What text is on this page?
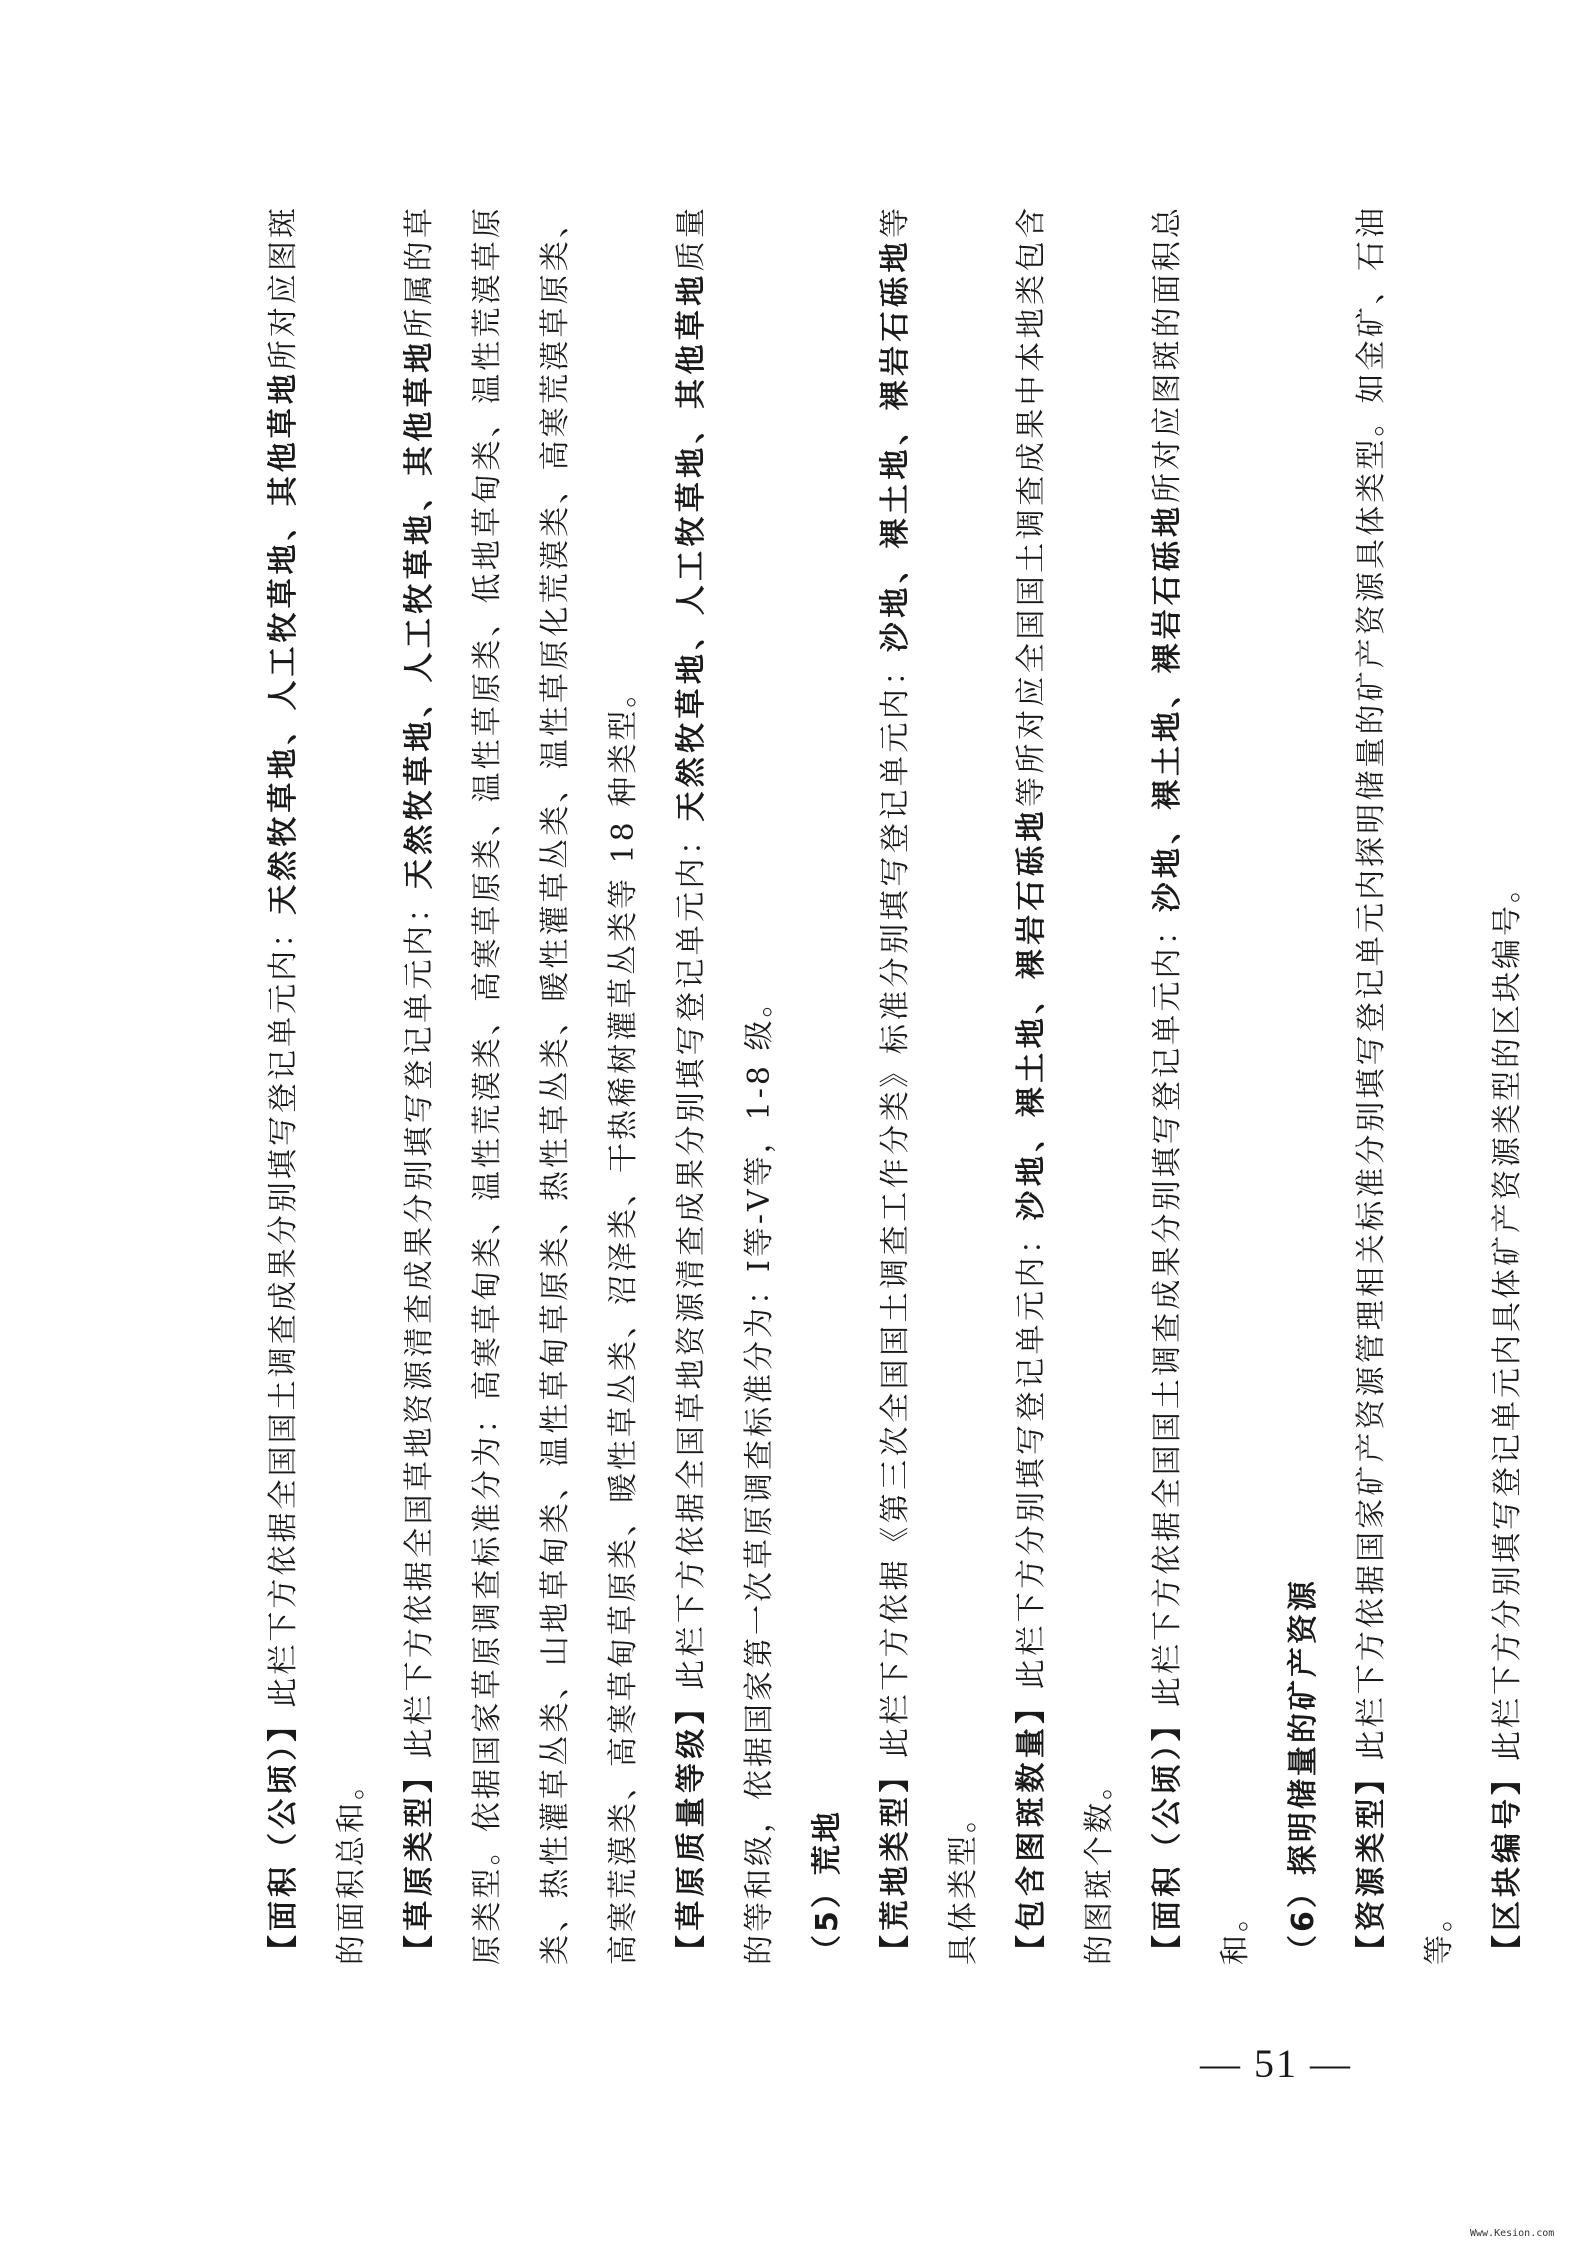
【面积（公顷）】此栏下方依据全国国土调查成果分别填写登记单元内：天然牧草地、人工牧草地、其他草地所对应图斑的面积总和。	【草原类型】此栏下方依据全国草地资源清查成果分别填写登记单元内：天然牧草地、人工牧草地、其他草地所属的草原类型。依据国家草原调查标准分为：高寒草甸类、温性荒漠类、高寒草原类、温性草原类、低地草甸类、温性荒漠草原类、热性灌草丛类、山地草甸类、温性草甸草原类、热性草丛类、暖性灌草丛类、温性草原化荒漠类、高寒荒漠草原类、高寒荒漠类、高寒草甸草原类、暖性草丛类、沼泽类、干热稀树灌草丛类等 18 种类型。	【草原质量等级】此栏下方依据全国草地资源清查成果分别填写登记单元内：天然牧草地、人工牧草地、其他草地质量的等和级，依据国家第一次草原调查标准分为：Ⅰ等-Ⅴ等，1-8 级。	（5）荒地	【荒地类型】此栏下方依据《第三次全国国土调查工作分类》标准分别填写登记单元内：沙地、裸土地、裸岩石砾地等具体类型。	【包含图斑数量】此栏下方分别填写登记单元内：沙地、裸土地、裸岩石砾地等所对应全国国土调查成果中本地类包含的图斑个数。	【面积（公顷）】此栏下方依据全国国土调查成果分别填写登记单元内：沙地、裸土地、裸岩石砾地所对应图斑的面积总和。	（6）探明储量的矿产资源	【资源类型】此栏下方依据国家矿产资源管理相关标准分别填写登记单元内探明储量的矿产资源具体类型。如金矿、石油等。	【区块编号】此栏下方分别填写登记单元内具体矿产资源类型的区块编号。

— 51 —
Www.Kesion.com
